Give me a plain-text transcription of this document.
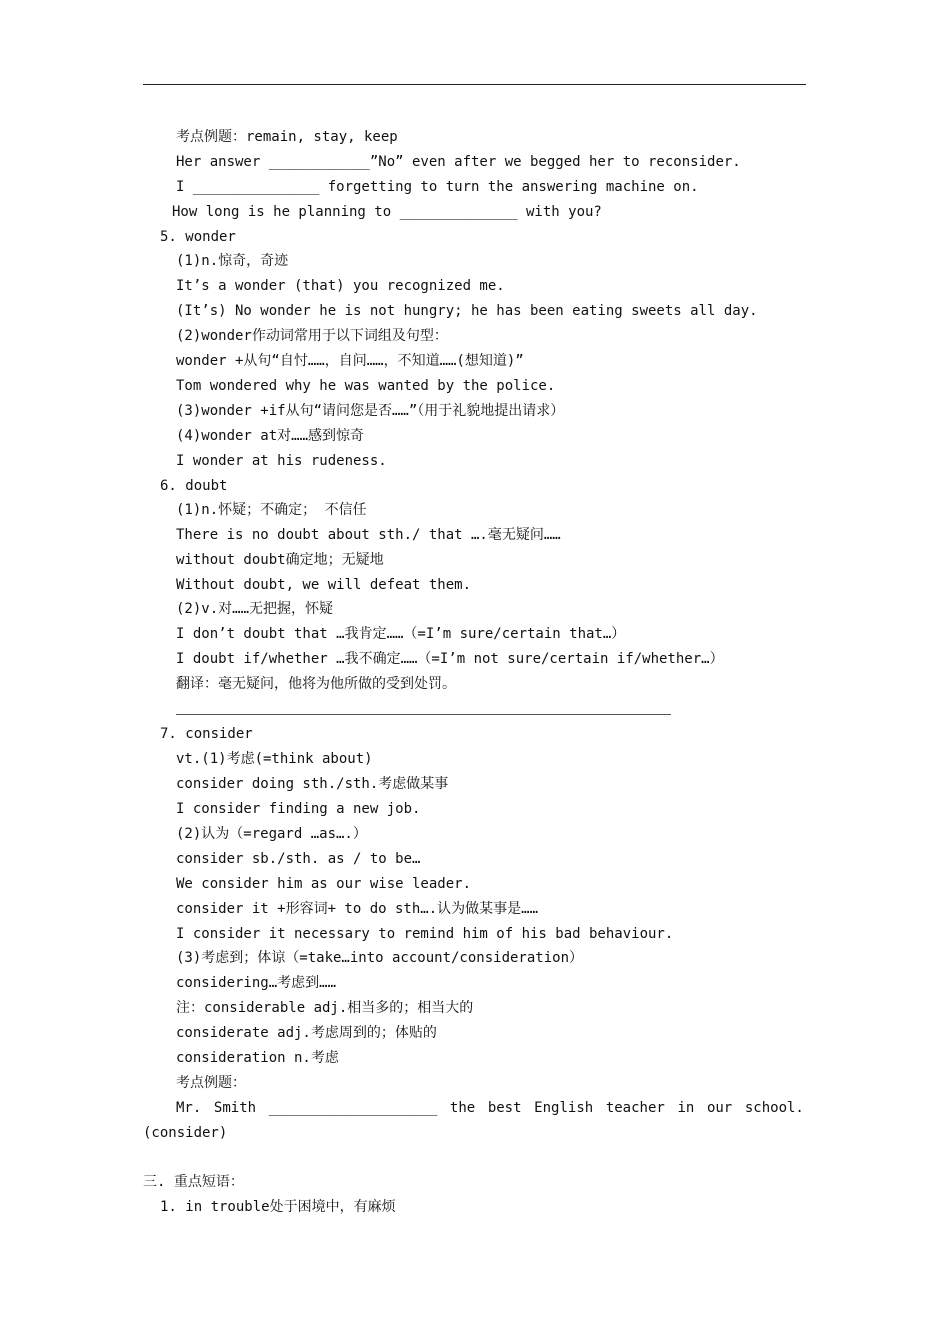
考点例题：remain, stay, keep
Her answer ____________”No” even after we begged her to reconsider.
I _______________ forgetting to turn the answering machine on.
How long is he planning to ______________ with you?
5. wonder
(1)n.惊奇，奇迹
It’s a wonder (that) you recognized me.
(It’s) No wonder he is not hungry; he has been eating sweets all day.
(2)wonder作动词常用于以下词组及句型：
wonder +从句“自忖……，自问……，不知道……(想知道)”
Tom wondered why he was wanted by the police.
(3)wonder +if从句“请问您是否……”（用于礼貌地提出请求）
(4)wonder at对……感到惊奇
I wonder at his rudeness.
6. doubt
(1)n.怀疑；不确定； 不信任
There is no doubt about sth./ that ….毫无疑问……
without doubt确定地；无疑地
Without doubt, we will defeat them.
(2)v.对……无把握，怀疑
I don’t doubt that …我肯定……（=I’m sure/certain that…）
I doubt if/whether …我不确定……（=I’m not sure/certain if/whether…）
翻译：毫无疑问，他将为他所做的受到处罚。
7. consider
vt.(1)考虑(=think about)
consider doing sth./sth.考虑做某事
I consider finding a new job.
(2)认为（=regard …as….）
consider sb./sth. as / to be…
We consider him as our wise leader.
consider it +形容词+ to do sth….认为做某事是……
I consider it necessary to remind him of his bad behaviour.
(3)考虑到；体谅（=take…into account/consideration）
considering…考虑到……
注：considerable adj.相当多的；相当大的
considerate adj.考虑周到的；体贴的
consideration n.考虑
考点例题：
Mr. Smith ____________________ the best English teacher in our school.
(consider)
三. 重点短语：
1. in trouble处于困境中，有麻烦
